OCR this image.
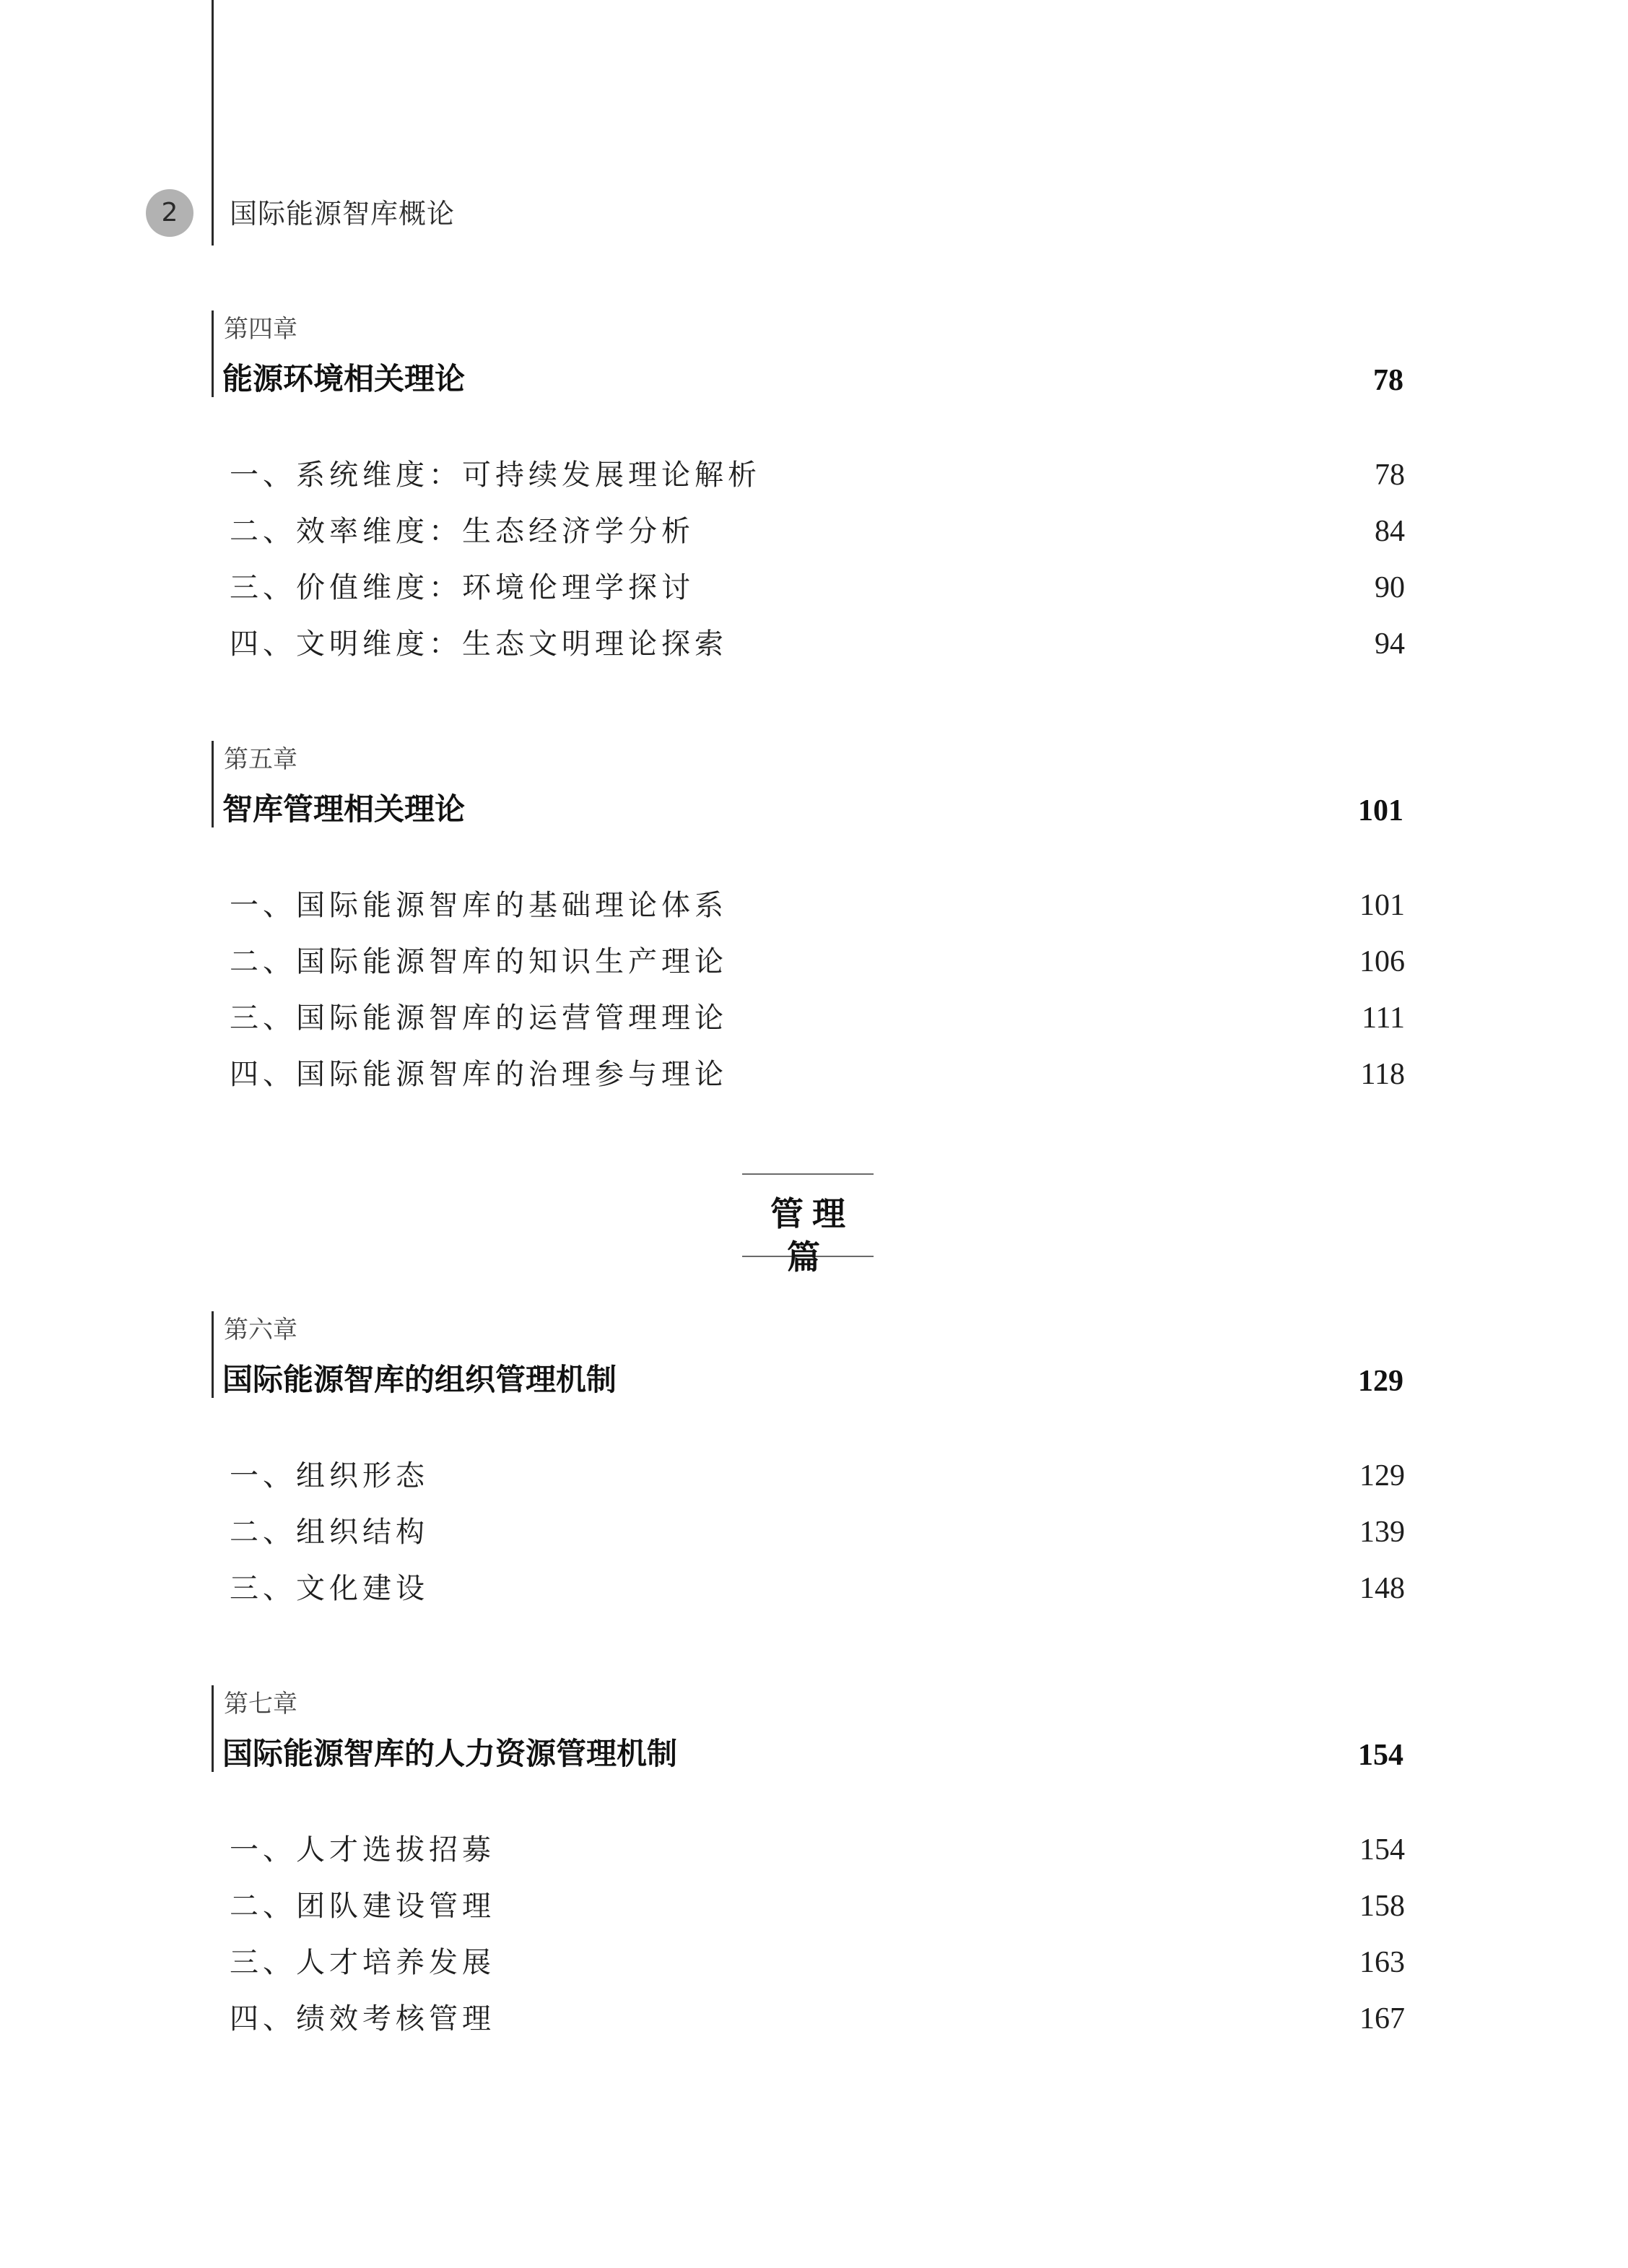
2	国际能源智库概论
第四章
能源环境相关理论	78
一、系统维度：可持续发展理论解析	78
二、效率维度：生态经济学分析	84
三、价值维度：环境伦理学探讨	90
四、文明维度：生态文明理论探索	94
第五章
智库管理相关理论	101
一、国际能源智库的基础理论体系	101
二、国际能源智库的知识生产理论	106
三、国际能源智库的运营管理理论	111
四、国际能源智库的治理参与理论	118
管理篇
第六章
国际能源智库的组织管理机制	129
一、组织形态	129
二、组织结构	139
三、文化建设	148
第七章
国际能源智库的人力资源管理机制	154
一、人才选拔招募	154
二、团队建设管理	158
三、人才培养发展	163
四、绩效考核管理	167
